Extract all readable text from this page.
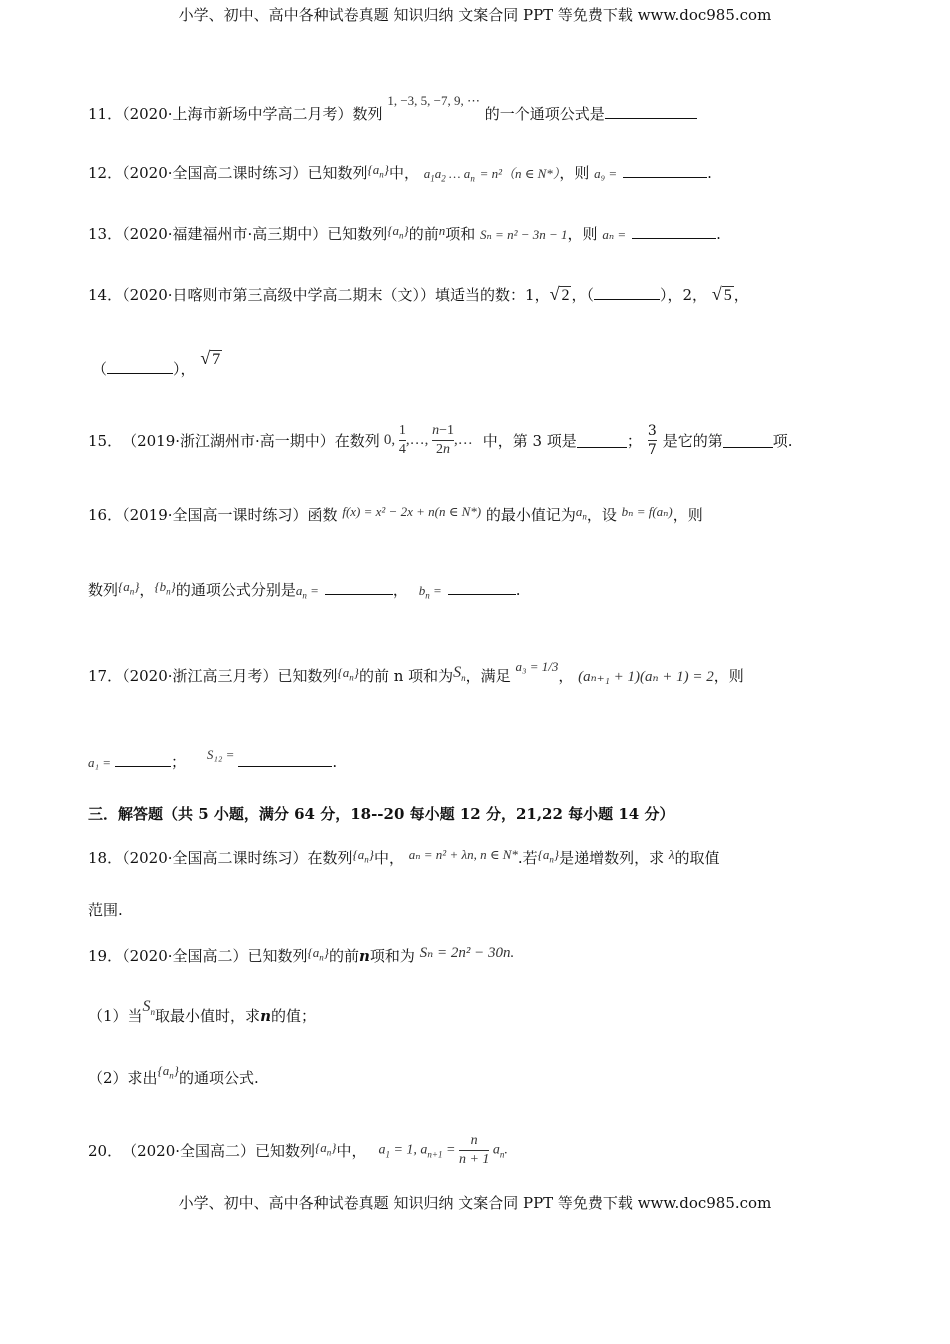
小学、初中、高中各种试卷真题 知识归纳 文案合同 PPT 等免费下载 www.doc985.com
11．（2020·上海市新场中学高二月考）数列 1, −3, 5, −7, 9, ⋯ 的一个通项公式是
12．（2020·全国高二课时练习）已知数列$\{a_n\}$中， $a_1a_2$ … $a_n = n^2(n$ ∈ N*），则 a₉ =	.
13．（2020·福建福州市·高三期中）已知数列$\{a_n\}$的前n项和 Sₙ = n² − 3n − 1，则 aₙ =	.
14．（2020·日喀则市第三高级中学高二期末（文））填适当的数：1，√ 2 ，（	），2， √ 5 ，
（	）， √ 7
15． （2019·浙江湖州市·高一期中）在数列 0, $\frac{1}{4}$ ,…, $\frac{n-1}{2n}$ ,… 中，第 3 项是	； $\frac{3}{7}$ 是它的第	项.
16．（2019·全国高一课时练习）函数 f(x) = x² − 2x + n(n ∈ N*) 的最小值记为$a_n$，设 bₙ = f(aₙ)，则
数列$\{a_n\}$，$\{b_n\}$的通项公式分别是$a_n$ =	， $b_n$ =	.
17．（2020·浙江高三月考）已知数列$\{a_n\}$的前 n 项和为$S_n$，满足 a₃ = 1/3， (aₙ₊₁ + 1)(aₙ + 1) = 2，则
a₁ =	； S₁₂ =	.
三．解答题（共 5 小题，满分 64 分，18--20 每小题 12 分，21,22 每小题 14 分）
18．（2020·全国高二课时练习）在数列$\{a_n\}$中， aₙ = n² + λn, n ∈ N*.若$\{a_n\}$是递增数列，求 λ的取值
范围.
19．（2020·全国高二）已知数列$\{a_n\}$的前n项和为 Sₙ = 2n² − 30n.
（1）当$S_n$取最小值时，求n的值；
（2）求出$\{a_n\}$的通项公式.
20． （2020·全国高二）已知数列 $\{a_n\}$ 中， $a_1 = 1$, $a_{n+1} = \frac{n}{n + 1} a_n$.
小学、初中、高中各种试卷真题 知识归纳 文案合同 PPT 等免费下载 www.doc985.com
